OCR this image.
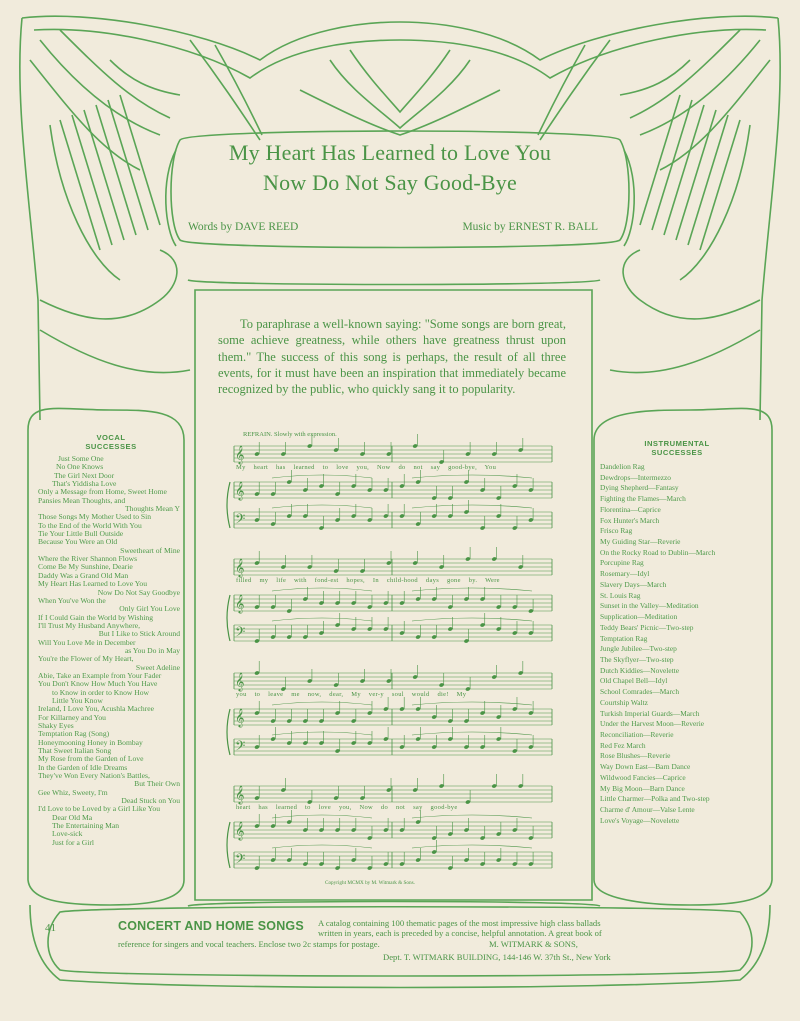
My Heart Has Learned to Love You
Now Do Not Say Good-Bye
Words by DAVE REED	Music by ERNEST R. BALL
To paraphrase a well-known saying: "Some songs are born great, some achieve greatness, while others have greatness thrust upon them." The success of this song is perhaps, the result of all three events, for it must have been an inspiration that immediately became recognized by the public, who quickly sang it to popularity.
VOCAL
SUCCESSES
Just Some One
No One Knows
The Girl Next Door
That's Yiddisha Love
Only a Message from Home, Sweet Home
Pansies Mean Thoughts, and
Thoughts Mean Y
Those Songs My Mother Used to Sin
To the End of the World With You
Tie Your Little Bull Outside
Because You Were an Old
Sweetheart of Mine
Where the River Shannon Flows
Come Be My Sunshine, Dearie
Daddy Was a Grand Old Man
My Heart Has Learned to Love You
Now Do Not Say Goodbye
When You've Won the
Only Girl You Love
If I Could Gain the World by Wishing
I'll Trust My Husband Anywhere,
But I Like to Stick Around
Will You Love Me in December
as You Do in May
You're the Flower of My Heart,
Sweet Adeline
Abie, Take an Example from Your Fader
You Don't Know How Much You Have
to Know in order to Know How
Little You Know
Ireland, I Love You, Acushla Machree
For Killarney and You
Shaky Eyes
Temptation Rag (Song)
Honeymooning Honey in Bombay
That Sweet Italian Song
My Rose from the Garden of Love
In the Garden of Idle Dreams
They've Won Every Nation's Battles,
But Their Own
Gee Whiz, Sweety, I'm
Dead Stuck on You
I'd Love to be Loved by a Girl Like You
Dear Old Ma
The Entertaining Man
Love-sick
Just for a Girl
INSTRUMENTAL
SUCCESSES
Dandelion Rag
Dewdrops—Intermezzo
Dying Shepherd—Fantasy
Fighting the Flames—March
Florentina—Caprice
Fox Hunter's March
Frisco Rag
My Guiding Star—Reverie
On the Rocky Road to Dublin—March
Porcupine Rag
Rosemary—Idyl
Slavery Days—March
St. Louis Rag
Sunset in the Valley—Meditation
Supplication—Meditation
Teddy Bears' Picnic—Two-step
Temptation Rag
Jungle Jubilee—Two-step
The Skyflyer—Two-step
Dutch Kiddies—Novelette
Old Chapel Bell—Idyl
School Comrades—March
Courtship Waltz
Turkish Imperial Guards—March
Under the Harvest Moon—Reverie
Reconciliation—Reverie
Red Fez March
Rose Blushes—Reverie
Way Down East—Barn Dance
Wildwood Fancies—Caprice
My Big Moon—Barn Dance
Little Charmer—Polka and Two-step
Charme d' Amour—Valse Lente
Love's Voyage—Novelette
REFRAIN. Slowly with expression.
𝄞
𝄞
𝄢
𝄞
𝄞
𝄢
𝄞
𝄞
𝄢
𝄞
𝄞
𝄢
My heart has learned to love you, Now do not say good-bye, You
filled my life with fond-est hopes, In child-hood days gone by. Were
you to leave me now, dear, My ver-y soul would die! My
heart has learned to love you, Now do not say good-bye
Copyright MCMX by M. Witmark & Sons.
41	CONCERT AND HOME SONGS A catalog containing 100 thematic pages of the most impressive high class ballads
written in years, each is preceded by a concise, helpful annotation. A great book of
reference for singers and vocal teachers. Enclose two 2c stamps for postage.	M. WITMARK & SONS,
Dept. T. WITMARK BUILDING, 144-146 W. 37th St., New York
